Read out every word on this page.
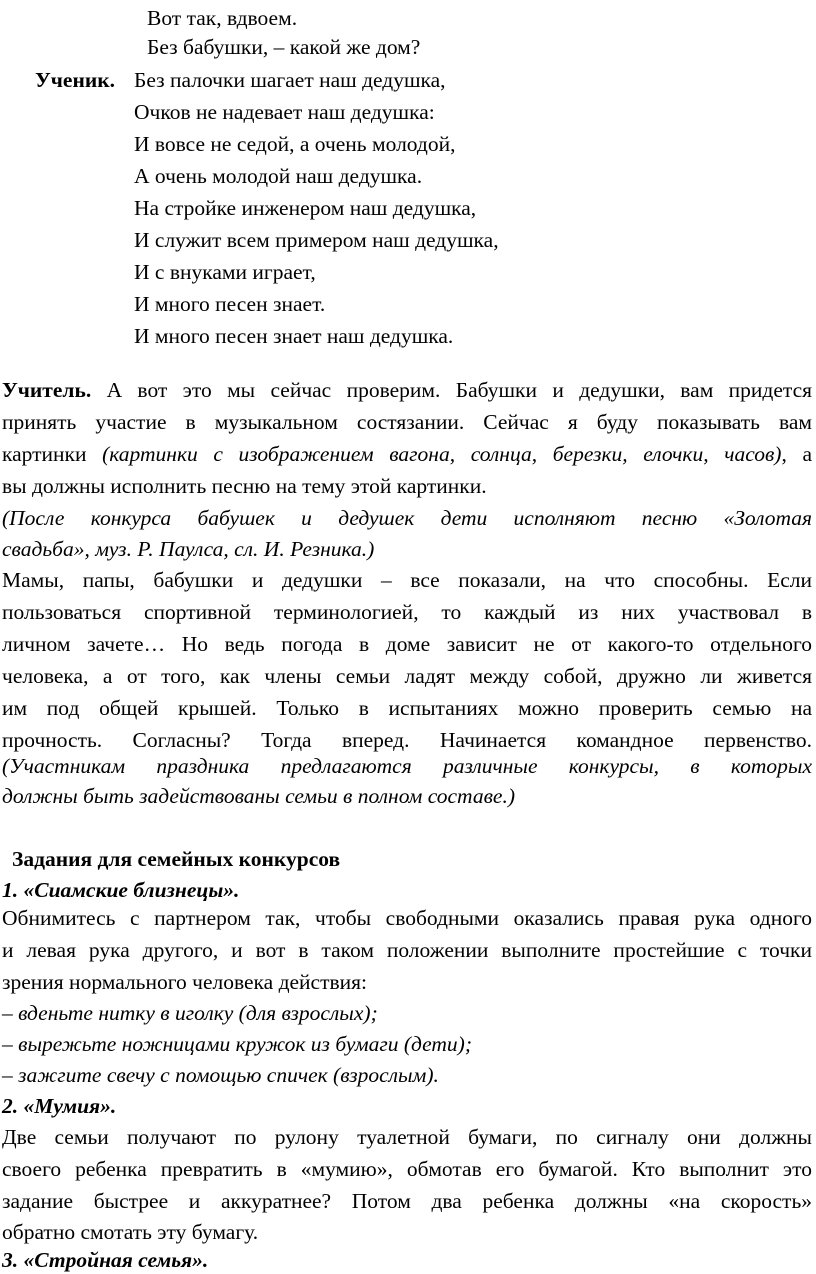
Вот так, вдвоем.
Без бабушки, – какой же дом?
Ученик. Без палочки шагает наш дедушка,
Очков не надевает наш дедушка:
И вовсе не седой, а очень молодой,
А очень молодой наш дедушка.
На стройке инженером наш дедушка,
И служит всем примером наш дедушка,
И с внуками играет,
И много песен знает.
И много песен знает наш дедушка.
Учитель. А вот это мы сейчас проверим. Бабушки и дедушки, вам придется
принять участие в музыкальном состязании. Сейчас я буду показывать вам
картинки (картинки с изображением вагона, солнца, березки, елочки, часов), а
вы должны исполнить песню на тему этой картинки.
(После конкурса бабушек и дедушек дети исполняют песню «Золотая
свадьба», муз. Р. Паулса, сл. И. Резника.)
Мамы, папы, бабушки и дедушки – все показали, на что способны. Если
пользоваться спортивной терминологией, то каждый из них участвовал в
личном зачете… Но ведь погода в доме зависит не от какого-то отдельного
человека, а от того, как члены семьи ладят между собой, дружно ли живется
им под общей крышей. Только в испытаниях можно проверить семью на
прочность. Согласны? Тогда вперед. Начинается командное первенство.
(Участникам праздника предлагаются различные конкурсы, в которых
должны быть задействованы семьи в полном составе.)
Задания для семейных конкурсов
1. «Сиамские близнецы».
Обнимитесь с партнером так, чтобы свободными оказались правая рука одного
и левая рука другого, и вот в таком положении выполните простейшие с точки
зрения нормального человека действия:
– вденьте нитку в иголку (для взрослых);
– вырежьте ножницами кружок из бумаги (дети);
– зажгите свечу с помощью спичек (взрослым).
2. «Мумия».
Две семьи получают по рулону туалетной бумаги, по сигналу они должны
своего ребенка превратить в «мумию», обмотав его бумагой. Кто выполнит это
задание быстрее и аккуратнее? Потом два ребенка должны «на скорость»
обратно смотать эту бумагу.
3. «Стройная семья».
